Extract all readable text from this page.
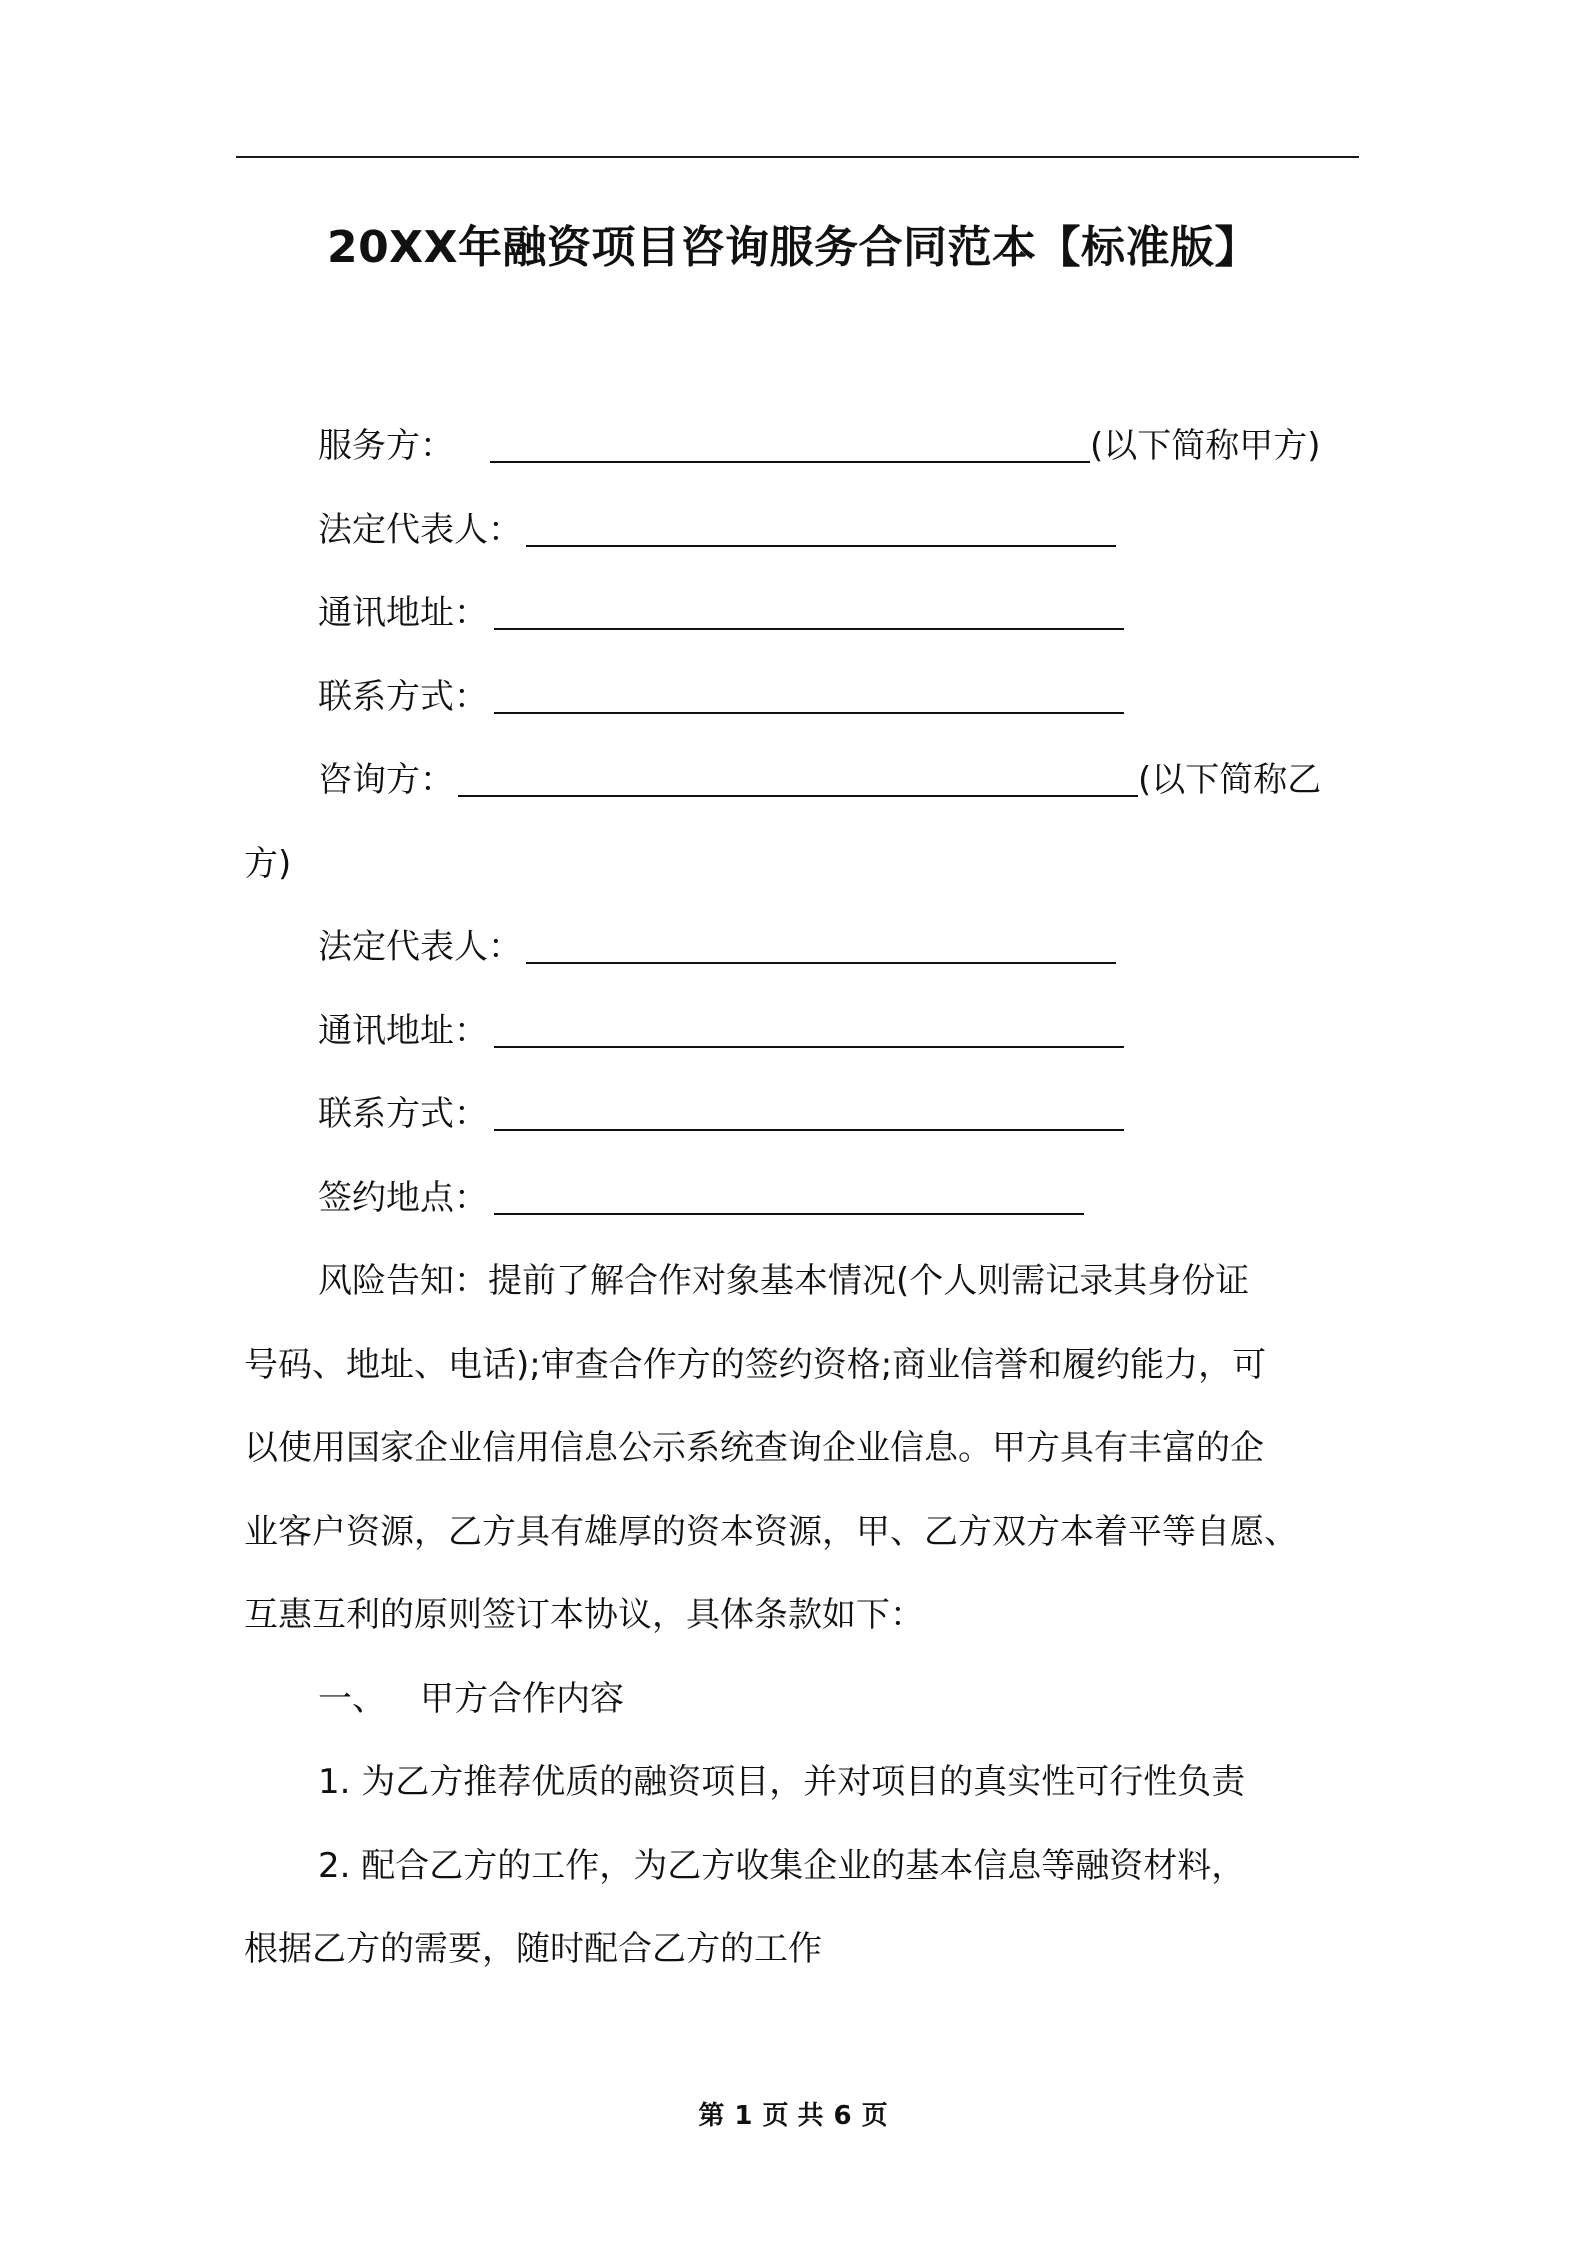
20XX年融资项目咨询服务合同范本【标准版】
服务方：	(以下简称甲方)
法定代表人：
通讯地址：
联系方式：
咨询方：	(以下简称乙
方)
法定代表人：
通讯地址：
联系方式：
签约地点：
风险告知：提前了解合作对象基本情况(个人则需记录其身份证
号码、地址、电话);审查合作方的签约资格;商业信誉和履约能力，可
以使用国家企业信用信息公示系统查询企业信息。甲方具有丰富的企
业客户资源，乙方具有雄厚的资本资源，甲、乙方双方本着平等自愿、
互惠互利的原则签订本协议，具体条款如下：
一、 甲方合作内容
1. 为乙方推荐优质的融资项目，并对项目的真实性可行性负责
2. 配合乙方的工作，为乙方收集企业的基本信息等融资材料，
根据乙方的需要，随时配合乙方的工作
第 1 页 共 6 页
